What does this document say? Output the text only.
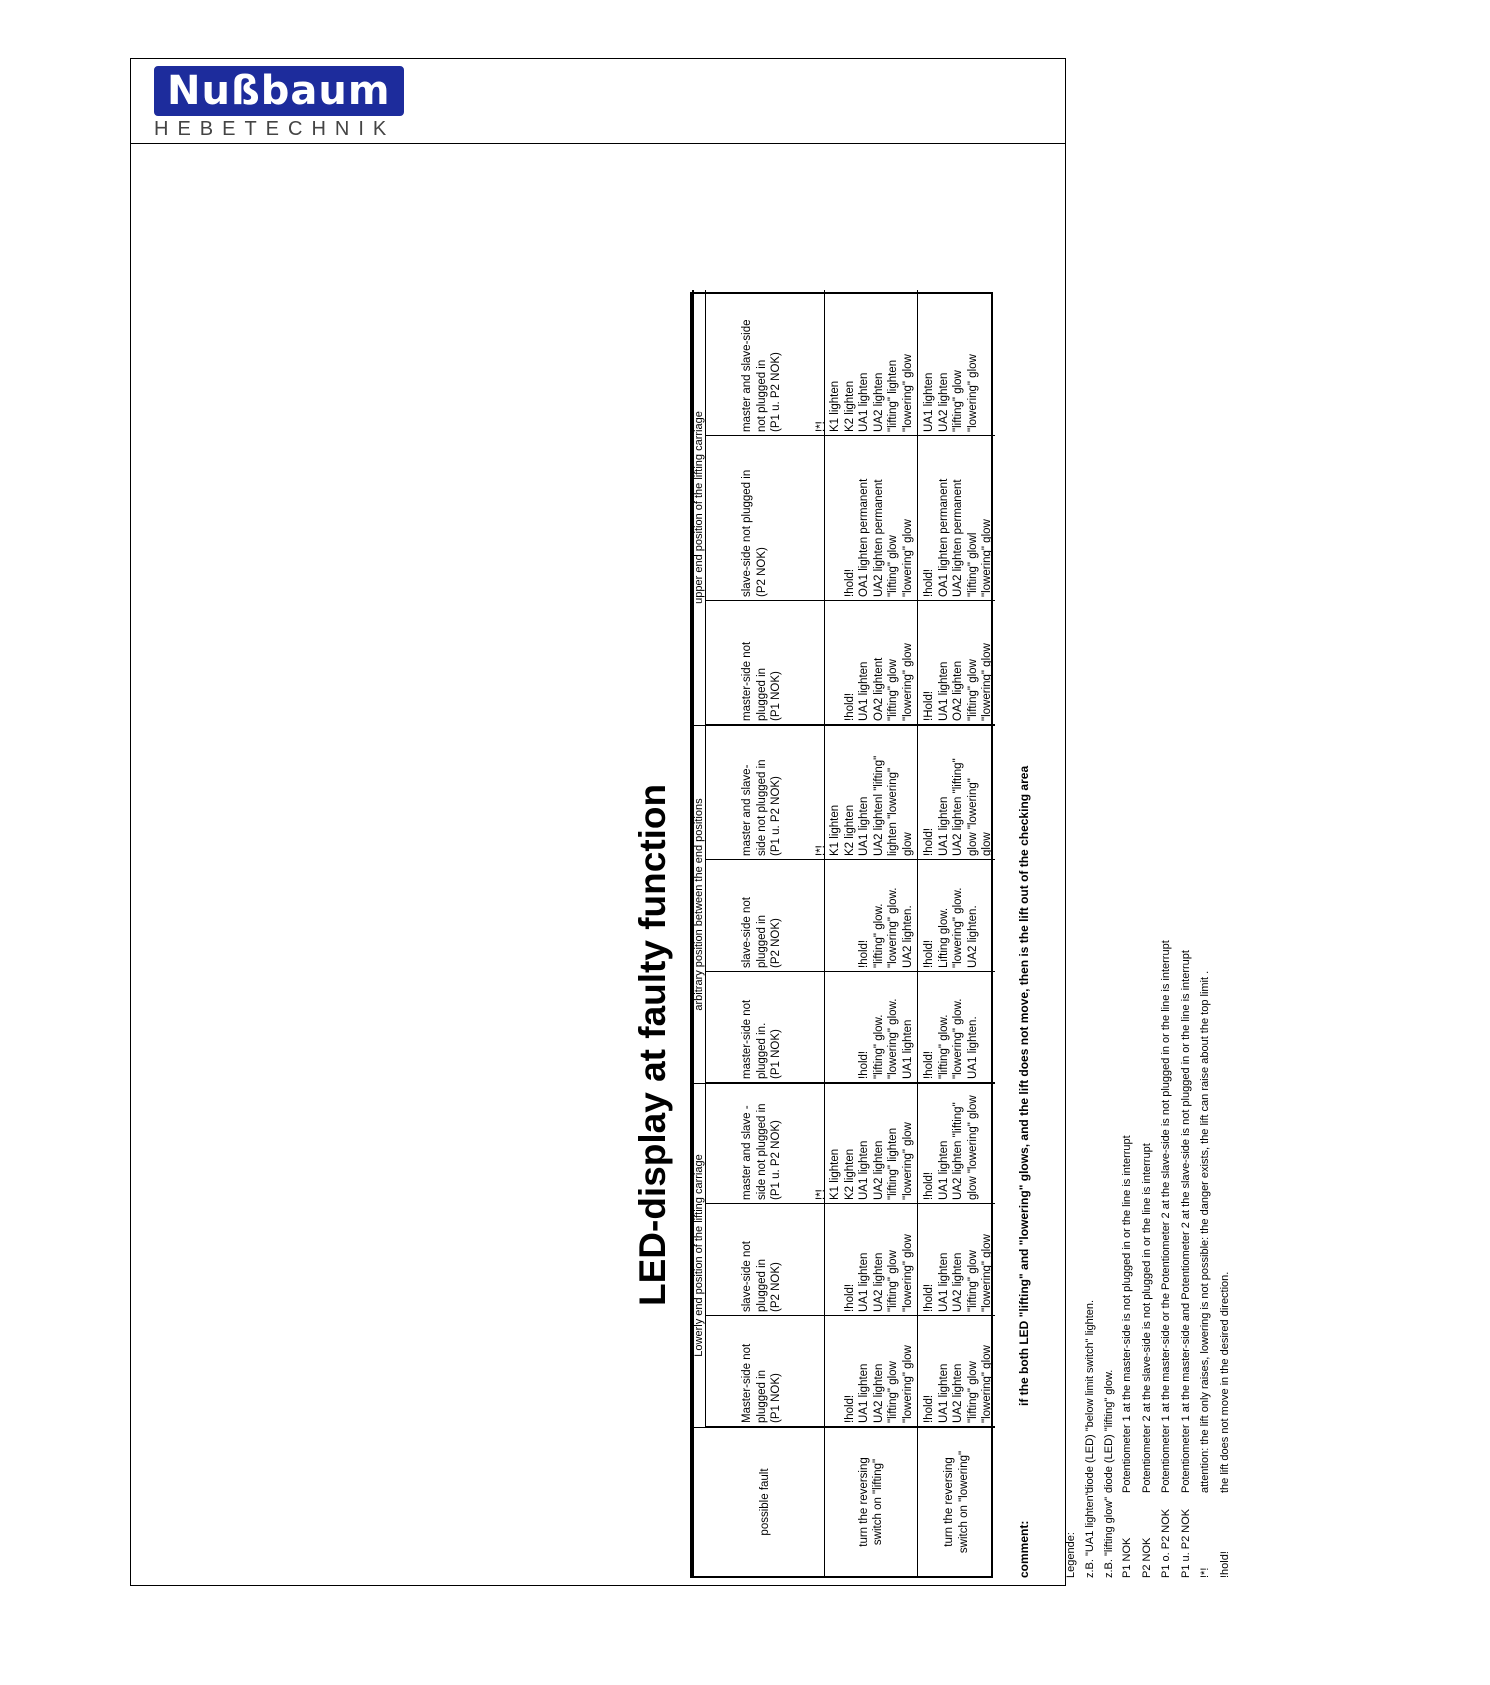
Nußbaum
HEBETECHNIK
LED-display at faulty function Lowerly end position of the lifting carriage
arbitrary position between the end positions
upper end position of the lifting carriage
possible fault
turn the reversing
switch on "lifting"
turn the reversing
switch on "lowering"
Master-side not
plugged in
(P1 NOK)
!hold!
UA1 lighten
UA2 lighten
"lifting" glow
"lowering" glow
!hold!
UA1 lighten
UA2 lighten
"lifting" glow
"lowering" glow
slave-side not
plugged in
(P2 NOK)
!hold!
UA1 lighten
UA2 lighten
"lifting" glow
"lowering" glow
!hold!
UA1 lighten
UA2 lighten
"lifting" glow
"lowering" glow
master and slave -
side not plugged in
(P1 u. P2 NOK)
!*!
K1 lighten
K2 lighten
UA1 lighten
UA2 lighten
"lifting" lighten
"lowering" glow
!hold!
UA1 lighten
UA2 lighten "lifting"
glow "lowering" glow
master-side not
plugged in.
(P1 NOK)
!hold!
"lifting" glow.
"lowering" glow.
UA1 lighten
!hold!
"lifting" glow.
"lowering" glow.
UA1 lighten.
slave-side not
plugged in
(P2 NOK)
!hold!
"lifting" glow.
"lowering" glow.
UA2 lighten.
!hold!
Lifting glow.
"lowering" glow.
UA2 lighten.
master and slave-
side not plugged in
(P1 u. P2 NOK)
!*!
K1 lighten
K2 lighten
UA1 lighten
UA2 lightenl "lifting"
lighten "lowering"
glow !hold!
UA1 lighten
UA2 lighten "lifting"
glow "lowering"
glow
master-side not
plugged in
(P1 NOK)
!hold!
UA1 lighten
OA2 lightent
"lifting" glow
"lowering" glow
!Hold!
UA1 lighten
OA2 lighten
"lifting" glow
"lowering" glow
slave-side not plugged in
(P2 NOK)
!hold!
OA1 lighten permanent
UA2 lighten permanent
"lifting" glow
"lowering" glow
!hold!
OA1 lighten permanent
UA2 lighten permanent
"lifting" glowl
"lowering" glow
master and slave-side
not plugged in
(P1 u. P2 NOK)
!*!
K1 lighten
K2 lighten
UA1 lighten
UA2 lighten
"lifting" lighten
"lowering" glow
UA1 lighten
UA2 lighten
"lifting" glow
"lowering" glow
comment:
if the both LED "lifting" and "lowering" glows, and the lift does not move, then is the lift out of the checking area
Legende: z.B. "UA1 lighten"
diode (LED) "below limit switch" lighten.
z.B. "lifting glow"
diode (LED) "lifting" glow.
P1 NOK
Potentiometer 1 at the master-side is not plugged in or the line is interrupt
P2 NOK
Potentiometer 2 at the slave-side is not plugged in or the line is interrupt
P1 o. P2 NOK
Potentiometer 1 at the master-side or the Potentiometer 2 at the slave-side is not plugged in or the line is interrupt
P1 u. P2 NOK
Potentiometer 1 at the master-side and Potentiometer 2 at the slave-side is not plugged in or the line is interrupt
!*!
attention: the lift only raises, lowering is not possible: the danger exists, the lift can raise about the top limit .
!hold!
the lift does not move in the desired direction.
